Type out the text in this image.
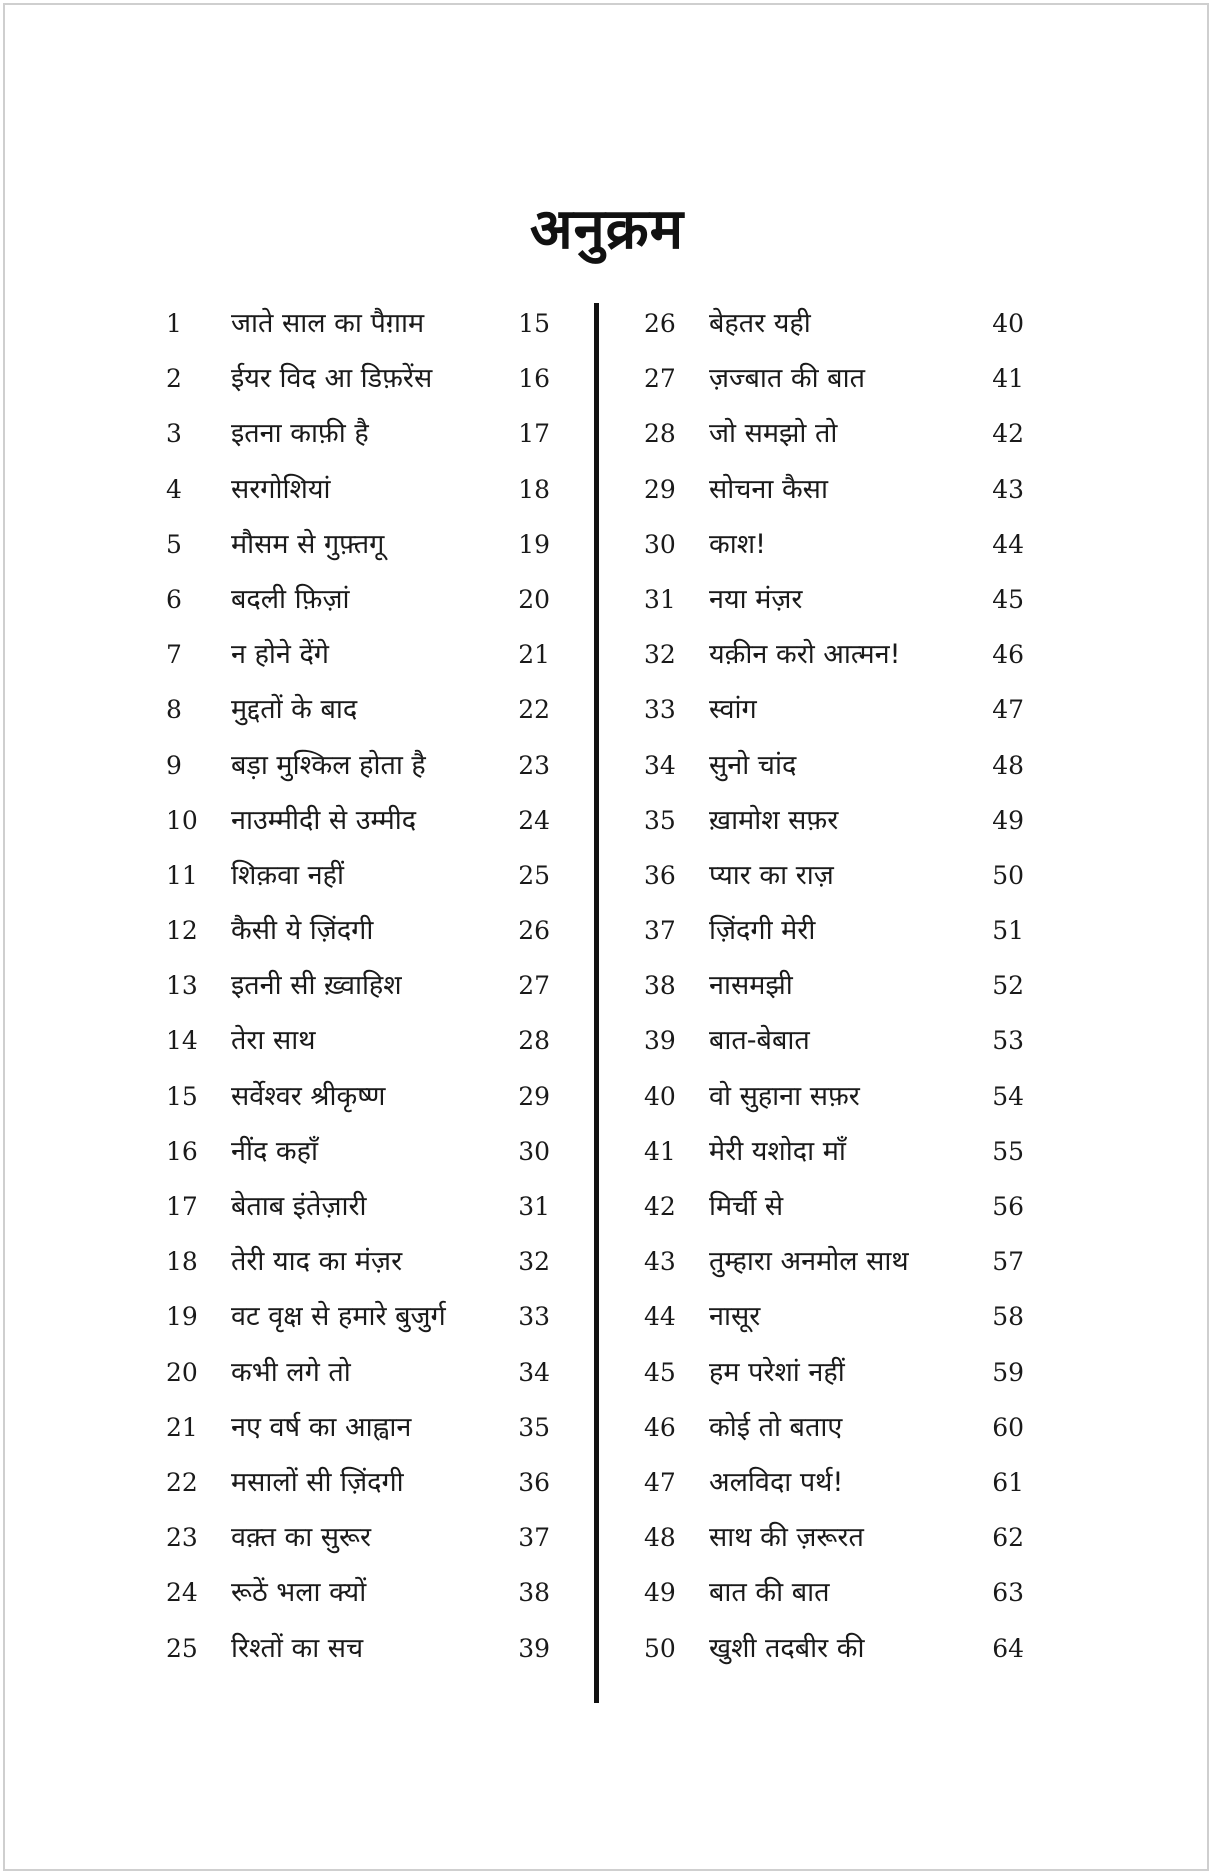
अनुक्रम
1	जाते साल का पैग़ाम	15
2	ईयर विद आ डिफ़रेंस	16
3	इतना काफ़ी है	17
4	सरगोशियां	18
5	मौसम से गुफ़्तगू	19
6	बदली फ़िज़ां	20
7	न होने देंगे	21
8	मुद्दतों के बाद	22
9	बड़ा मुश्किल होता है	23
10	नाउम्मीदी से उम्मीद	24
11	शिक़वा नहीं	25
12	कैसी ये ज़िंदगी	26
13	इतनी सी ख़्वाहिश	27
14	तेरा साथ	28
15	सर्वेश्वर श्रीकृष्ण	29
16	नींद कहाँ	30
17	बेताब इंतेज़ारी	31
18	तेरी याद का मंज़र	32
19	वट वृक्ष से हमारे बुजुर्ग	33
20	कभी लगे तो	34
21	नए वर्ष का आह्वान	35
22	मसालों सी ज़िंदगी	36
23	वक़्त का सुरूर	37
24	रूठें भला क्यों	38
25	रिश्तों का सच	39
26	बेहतर यही	40
27	ज़ज्बात की बात	41
28	जो समझो तो	42
29	सोचना कैसा	43
30	काश!	44
31	नया मंज़र	45
32	यक़ीन करो आत्मन!	46
33	स्वांग	47
34	सुनो चांद	48
35	ख़ामोश सफ़र	49
36	प्यार का राज़	50
37	ज़िंदगी मेरी	51
38	नासमझी	52
39	बात-बेबात	53
40	वो सुहाना सफ़र	54
41	मेरी यशोदा माँ	55
42	मिर्ची से	56
43	तुम्हारा अनमोल साथ	57
44	नासूर	58
45	हम परेशां नहीं	59
46	कोई तो बताए	60
47	अलविदा पर्थ!	61
48	साथ की ज़रूरत	62
49	बात की बात	63
50	खुशी तदबीर की	64
